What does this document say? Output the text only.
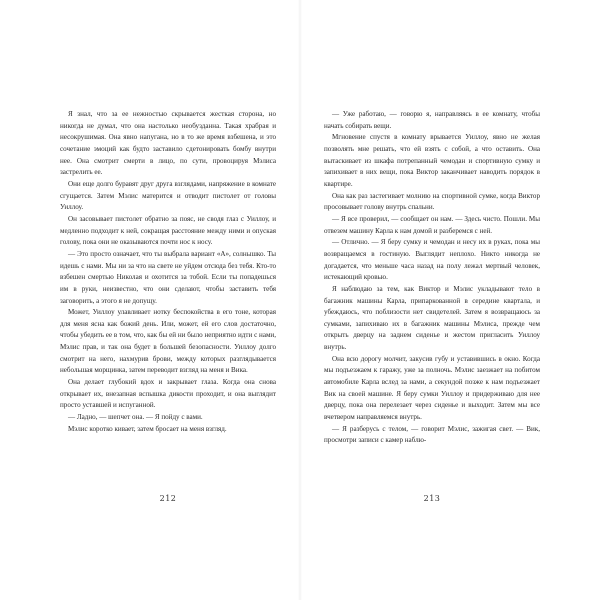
Я знал, что за ее нежностью скрывается жесткая сторона, но никогда не думал, что она настолько необузданна. Такая храбрая и несокрушимая. Она явно напугана, но в то же время взбешена, и это сочетание эмоций как будто заставило сдетонировать бомбу внутри нее. Она смотрит смерти в лицо, по сути, провоцируя Мэлиса застрелить ее.

Они еще долго буравят друг друга взглядами, напряжение в комнате сгущается. Затем Мэлис матерится и отводит пистолет от головы Уиллоу.

Он засовывает пистолет обратно за пояс, не сводя глаз с Уиллоу, и медленно подходит к ней, сокращая расстояние между ними и опуская голову, пока они не оказываются почти нос к носу.

— Это просто означает, что ты выбрала вариант «А», солнышко. Ты идешь с нами. Мы ни за что на свете не уйдем отсюда без тебя. Кто-то взбешен смертью Николая и охотится за тобой. Если ты попадешься им в руки, неизвестно, что они сделают, чтобы заставить тебя заговорить, а этого я не допущу.

Может, Уиллоу улавливает нотку беспокойства в его тоне, которая для меня ясна как божий день. Или, может, ей его слов достаточно, чтобы убедить ее в том, что, как бы ей ни было неприятно идти с нами, Мэлис прав, и так она будет в большей безопасности. Уиллоу долго смотрит на него, нахмурив брови, между которых разглядывается небольшая морщинка, затем переводит взгляд на меня и Вика.

Она делает глубокий вдох и закрывает глаза. Когда она снова открывает их, внезапная вспышка дикости проходит, и она выглядит просто уставшей и испуганной.

— Ладно, — шепчет она. — Я пойду с вами.

Мэлис коротко кивает, затем бросает на меня взгляд.

212

— Уже работаю, — говорю я, направляясь в ее комнату, чтобы начать собирать вещи.

Мгновение спустя в комнату врывается Уиллоу, явно не желая позволять мне решать, что ей взять с собой, а что оставить. Она вытаскивает из шкафа потрепанный чемодан и спортивную сумку и запихивает в них вещи, пока Виктор заканчивает наводить порядок в квартире.

Она как раз застегивает молнию на спортивной сумке, когда Виктор просовывает голову внутрь спальни.

— Я все проверил, — сообщает он нам. — Здесь чисто. Пошли. Мы отвезем машину Карла к нам домой и разберемся с ней.

— Отлично. — Я беру сумку и чемодан и несу их в руках, пока мы возвращаемся в гостиную. Выглядит неплохо. Никто никогда не догадается, что меньше часа назад на полу лежал мертвый человек, истекающий кровью.

Я наблюдаю за тем, как Виктор и Мэлис укладывают тело в багажник машины Карла, припаркованной в середине квартала, и убеждаюсь, что поблизости нет свидетелей. Затем я возвращаюсь за сумками, запихиваю их в багажник машины Мэлиса, прежде чем открыть дверцу на заднем сиденье и жестом пригласить Уиллоу внутрь.

Она всю дорогу молчит, закусив губу и уставившись в окно. Когда мы подъезжаем к гаражу, уже за полночь. Мэлис заезжает на побитом автомобиле Карла вслед за нами, а секундой позже к нам подъезжает Вик на своей машине. Я беру сумки Уиллоу и придерживаю для нее дверцу, пока она перелезает через сиденье и выходит. Затем мы все вчетвером направляемся внутрь.

— Я разберусь с телом, — говорит Мэлис, зажигая свет. — Вик, просмотри записи с камер наблю-

213
